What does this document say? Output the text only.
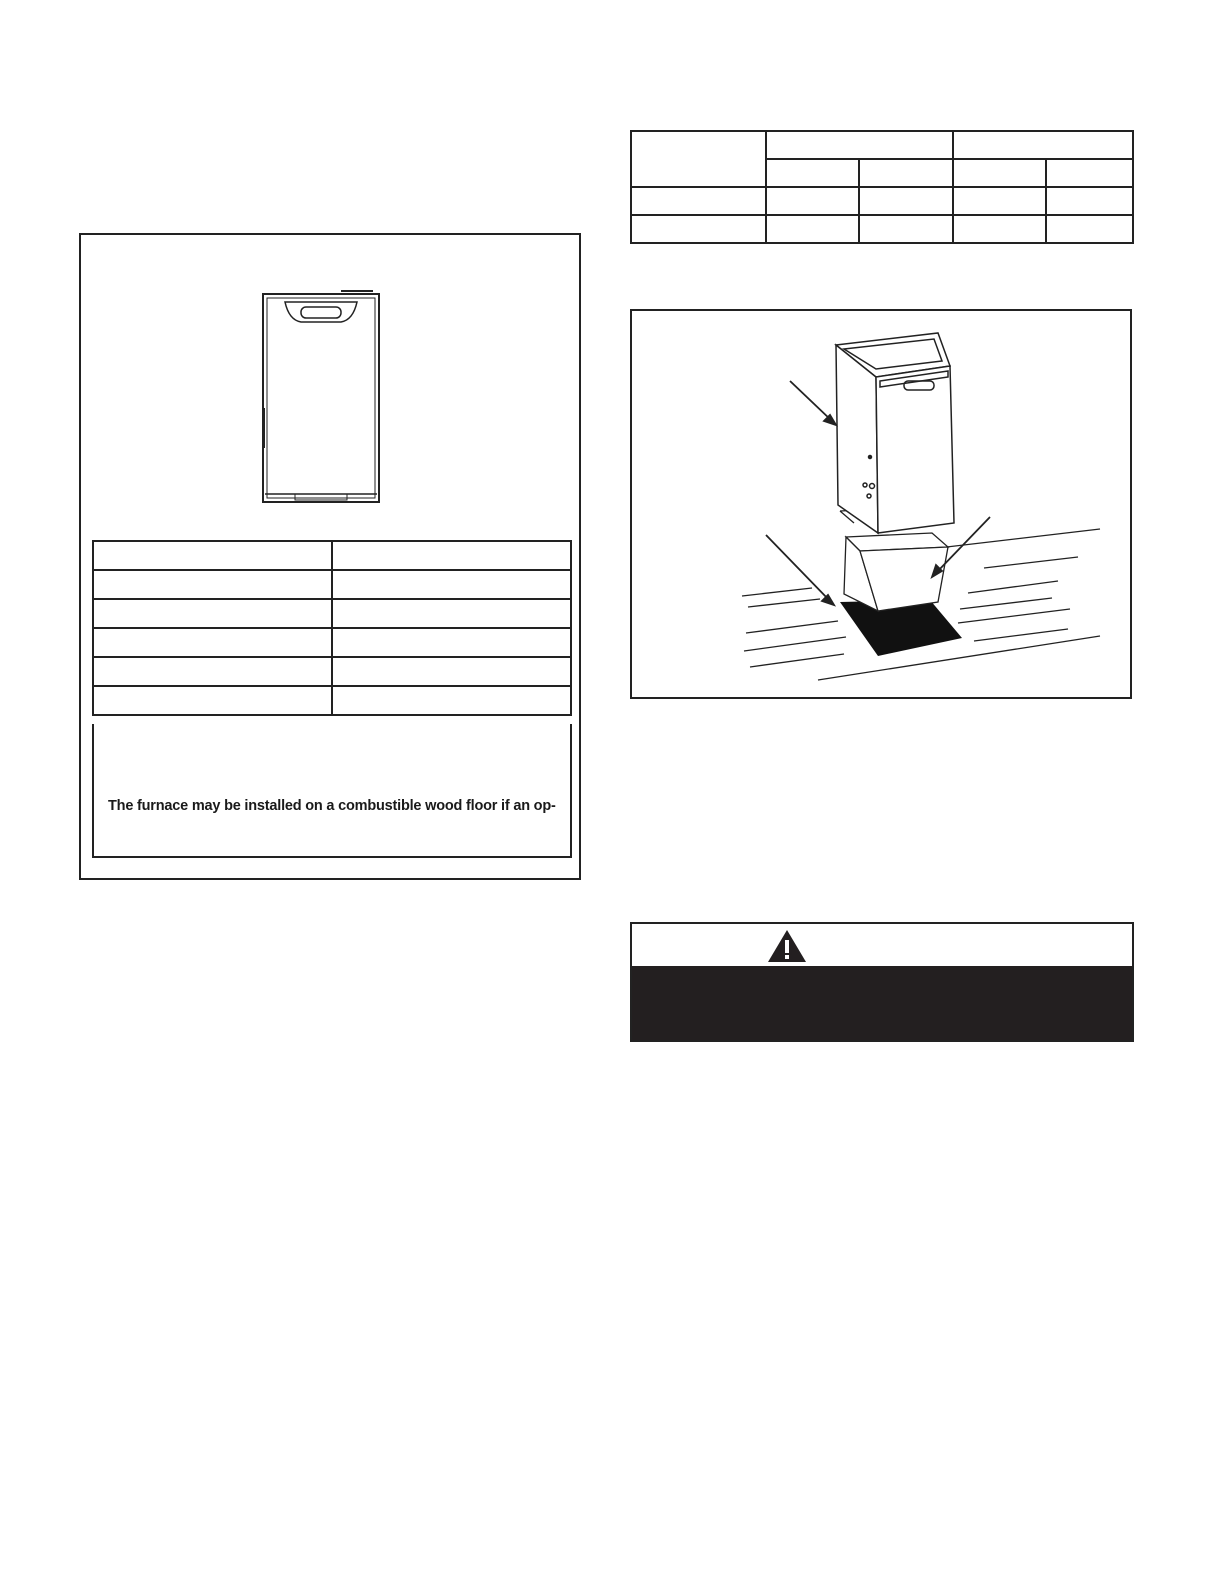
The furnace may be installed on a combustible wood floor if an op-
